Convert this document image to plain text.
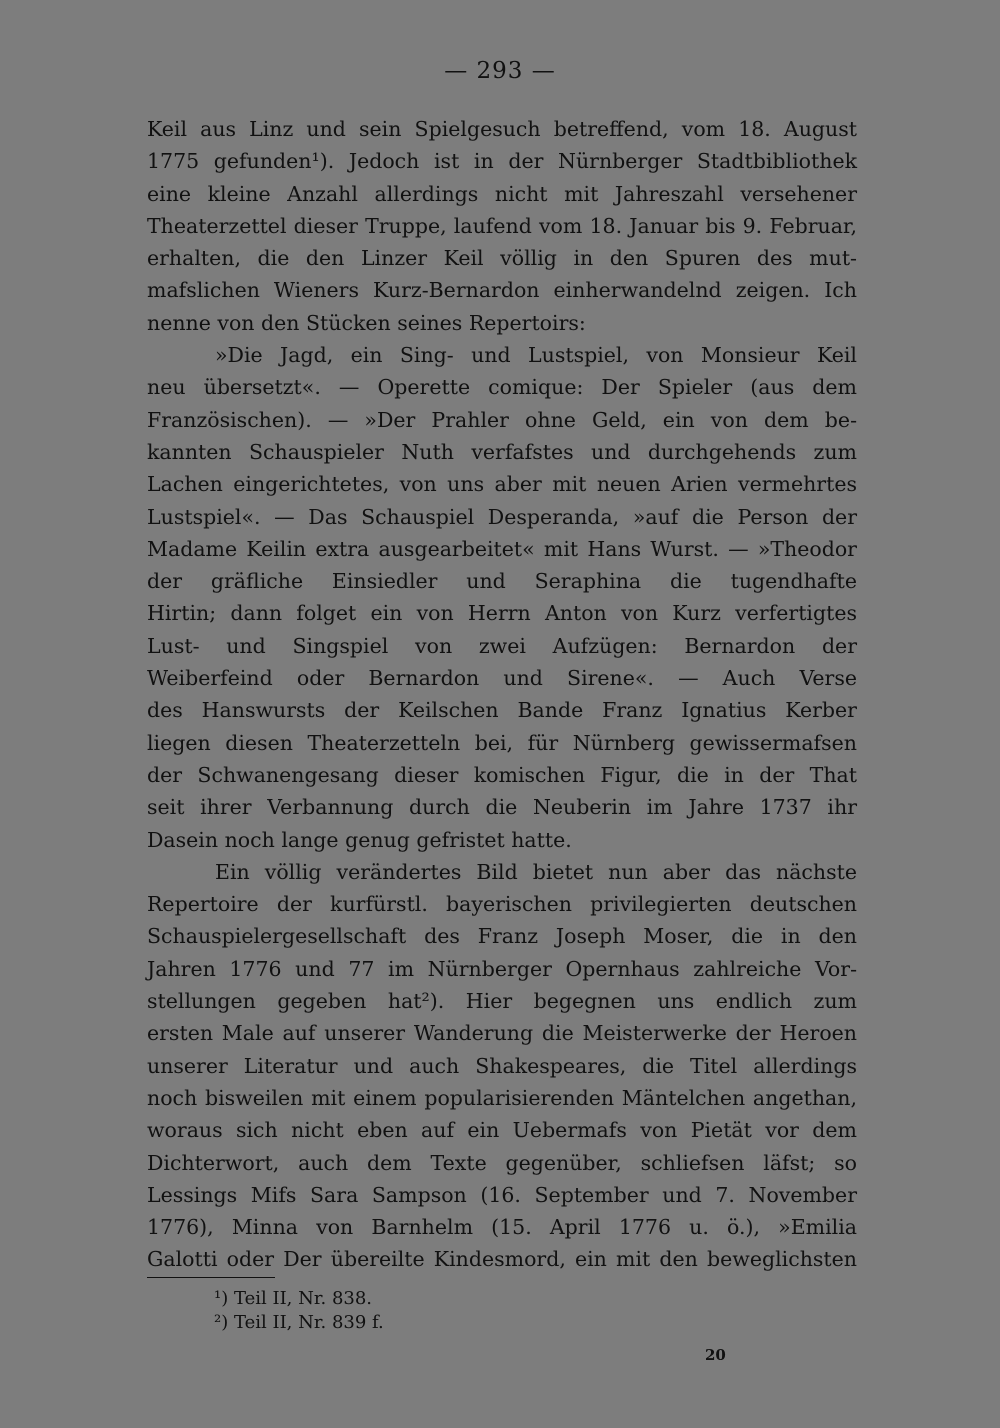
— 293 —
Keil aus Linz und sein Spielgesuch betreffend, vom 18. August
1775 gefunden¹). Jedoch ist in der Nürnberger Stadtbibliothek
eine kleine Anzahl allerdings nicht mit Jahreszahl versehener
Theaterzettel dieser Truppe, laufend vom 18. Januar bis 9. Februar,
erhalten, die den Linzer Keil völlig in den Spuren des mut-
mafslichen Wieners Kurz-Bernardon einherwandelnd zeigen. Ich
nenne von den Stücken seines Repertoirs:
»Die Jagd, ein Sing- und Lustspiel, von Monsieur Keil
neu übersetzt«. — Operette comique: Der Spieler (aus dem
Französischen). — »Der Prahler ohne Geld, ein von dem be-
kannten Schauspieler Nuth verfafstes und durchgehends zum
Lachen eingerichtetes, von uns aber mit neuen Arien vermehrtes
Lustspiel«. — Das Schauspiel Desperanda, »auf die Person der
Madame Keilin extra ausgearbeitet« mit Hans Wurst. — »Theodor
der gräfliche Einsiedler und Seraphina die tugendhafte
Hirtin; dann folget ein von Herrn Anton von Kurz verfertigtes
Lust- und Singspiel von zwei Aufzügen: Bernardon der
Weiberfeind oder Bernardon und Sirene«. — Auch Verse
des Hanswursts der Keilschen Bande Franz Ignatius Kerber
liegen diesen Theaterzetteln bei, für Nürnberg gewissermafsen
der Schwanengesang dieser komischen Figur, die in der That
seit ihrer Verbannung durch die Neuberin im Jahre 1737 ihr
Dasein noch lange genug gefristet hatte.
Ein völlig verändertes Bild bietet nun aber das nächste
Repertoire der kurfürstl. bayerischen privilegierten deutschen
Schauspielergesellschaft des Franz Joseph Moser, die in den
Jahren 1776 und 77 im Nürnberger Opernhaus zahlreiche Vor-
stellungen gegeben hat²). Hier begegnen uns endlich zum
ersten Male auf unserer Wanderung die Meisterwerke der Heroen
unserer Literatur und auch Shakespeares, die Titel allerdings
noch bisweilen mit einem popularisierenden Mäntelchen angethan,
woraus sich nicht eben auf ein Uebermafs von Pietät vor dem
Dichterwort, auch dem Texte gegenüber, schliefsen läfst; so
Lessings Mifs Sara Sampson (16. September und 7. November
1776), Minna von Barnhelm (15. April 1776 u. ö.), »Emilia
Galotti oder Der übereilte Kindesmord, ein mit den beweglichsten
¹) Teil II, Nr. 838.
²) Teil II, Nr. 839 f.
20
